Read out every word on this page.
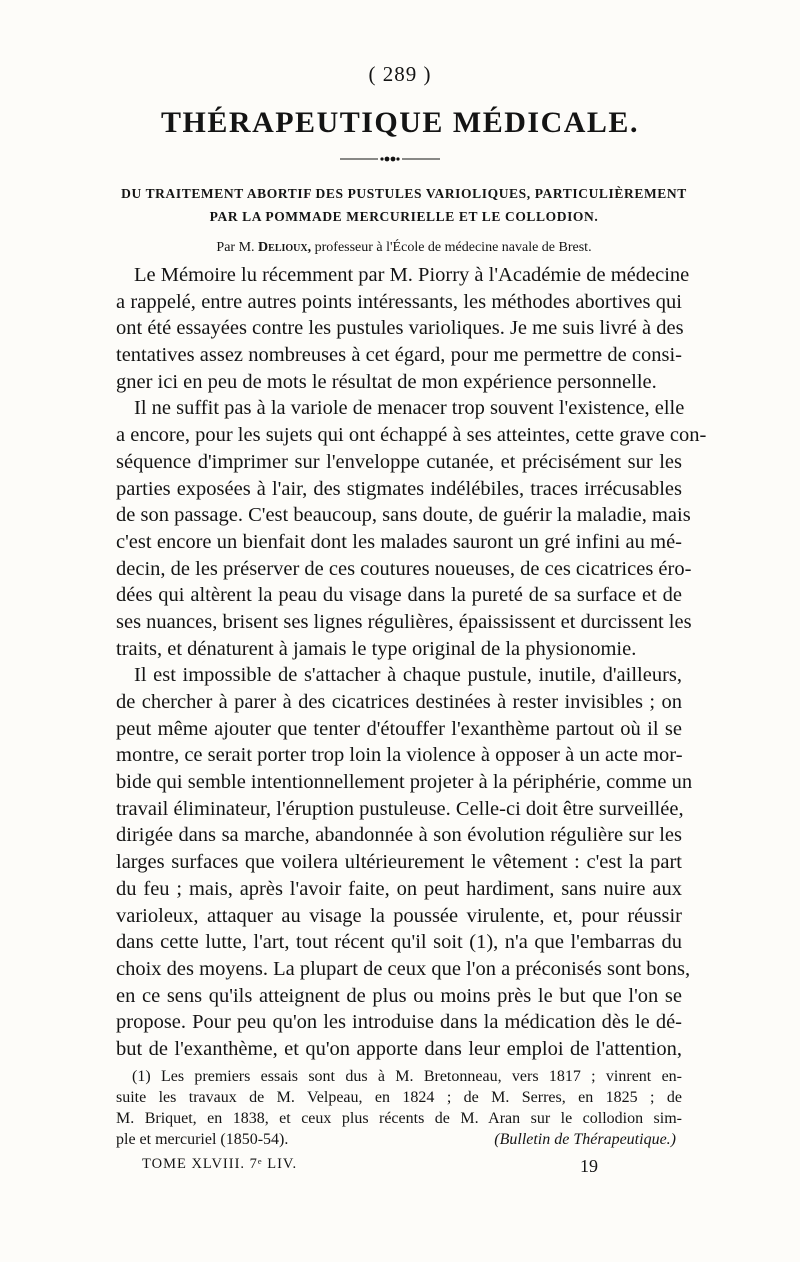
( 289 )
THÉRAPEUTIQUE MÉDICALE.
DU TRAITEMENT ABORTIF DES PUSTULES VARIOLIQUES, PARTICULIÈREMENT
PAR LA POMMADE MERCURIELLE ET LE COLLODION.
Par M. Delioux, professeur à l'École de médecine navale de Brest.
Le Mémoire lu récemment par M. Piorry à l'Académie de médecine
a rappelé, entre autres points intéressants, les méthodes abortives qui
ont été essayées contre les pustules varioliques. Je me suis livré à des
tentatives assez nombreuses à cet égard, pour me permettre de consi-
gner ici en peu de mots le résultat de mon expérience personnelle.
Il ne suffit pas à la variole de menacer trop souvent l'existence, elle
a encore, pour les sujets qui ont échappé à ses atteintes, cette grave con-
séquence d'imprimer sur l'enveloppe cutanée, et précisément sur les
parties exposées à l'air, des stigmates indélébiles, traces irrécusables
de son passage. C'est beaucoup, sans doute, de guérir la maladie, mais
c'est encore un bienfait dont les malades sauront un gré infini au mé-
decin, de les préserver de ces coutures noueuses, de ces cicatrices éro-
dées qui altèrent la peau du visage dans la pureté de sa surface et de
ses nuances, brisent ses lignes régulières, épaississent et durcissent les
traits, et dénaturent à jamais le type original de la physionomie.
Il est impossible de s'attacher à chaque pustule, inutile, d'ailleurs,
de chercher à parer à des cicatrices destinées à rester invisibles ; on
peut même ajouter que tenter d'étouffer l'exanthème partout où il se
montre, ce serait porter trop loin la violence à opposer à un acte mor-
bide qui semble intentionnellement projeter à la périphérie, comme un
travail éliminateur, l'éruption pustuleuse. Celle-ci doit être surveillée,
dirigée dans sa marche, abandonnée à son évolution régulière sur les
larges surfaces que voilera ultérieurement le vêtement : c'est la part
du feu ; mais, après l'avoir faite, on peut hardiment, sans nuire aux
varioleux, attaquer au visage la poussée virulente, et, pour réussir
dans cette lutte, l'art, tout récent qu'il soit (1), n'a que l'embarras du
choix des moyens. La plupart de ceux que l'on a préconisés sont bons,
en ce sens qu'ils atteignent de plus ou moins près le but que l'on se
propose. Pour peu qu'on les introduise dans la médication dès le dé-
but de l'exanthème, et qu'on apporte dans leur emploi de l'attention,
(1) Les premiers essais sont dus à M. Bretonneau, vers 1817 ; vinrent en-
suite les travaux de M. Velpeau, en 1824 ; de M. Serres, en 1825 ; de
M. Briquet, en 1838, et ceux plus récents de M. Aran sur le collodion sim-
ple et mercuriel (1850-54).	(Bulletin de Thérapeutique.)
TOME XLVIII. 7ᵉ LIV.	19
